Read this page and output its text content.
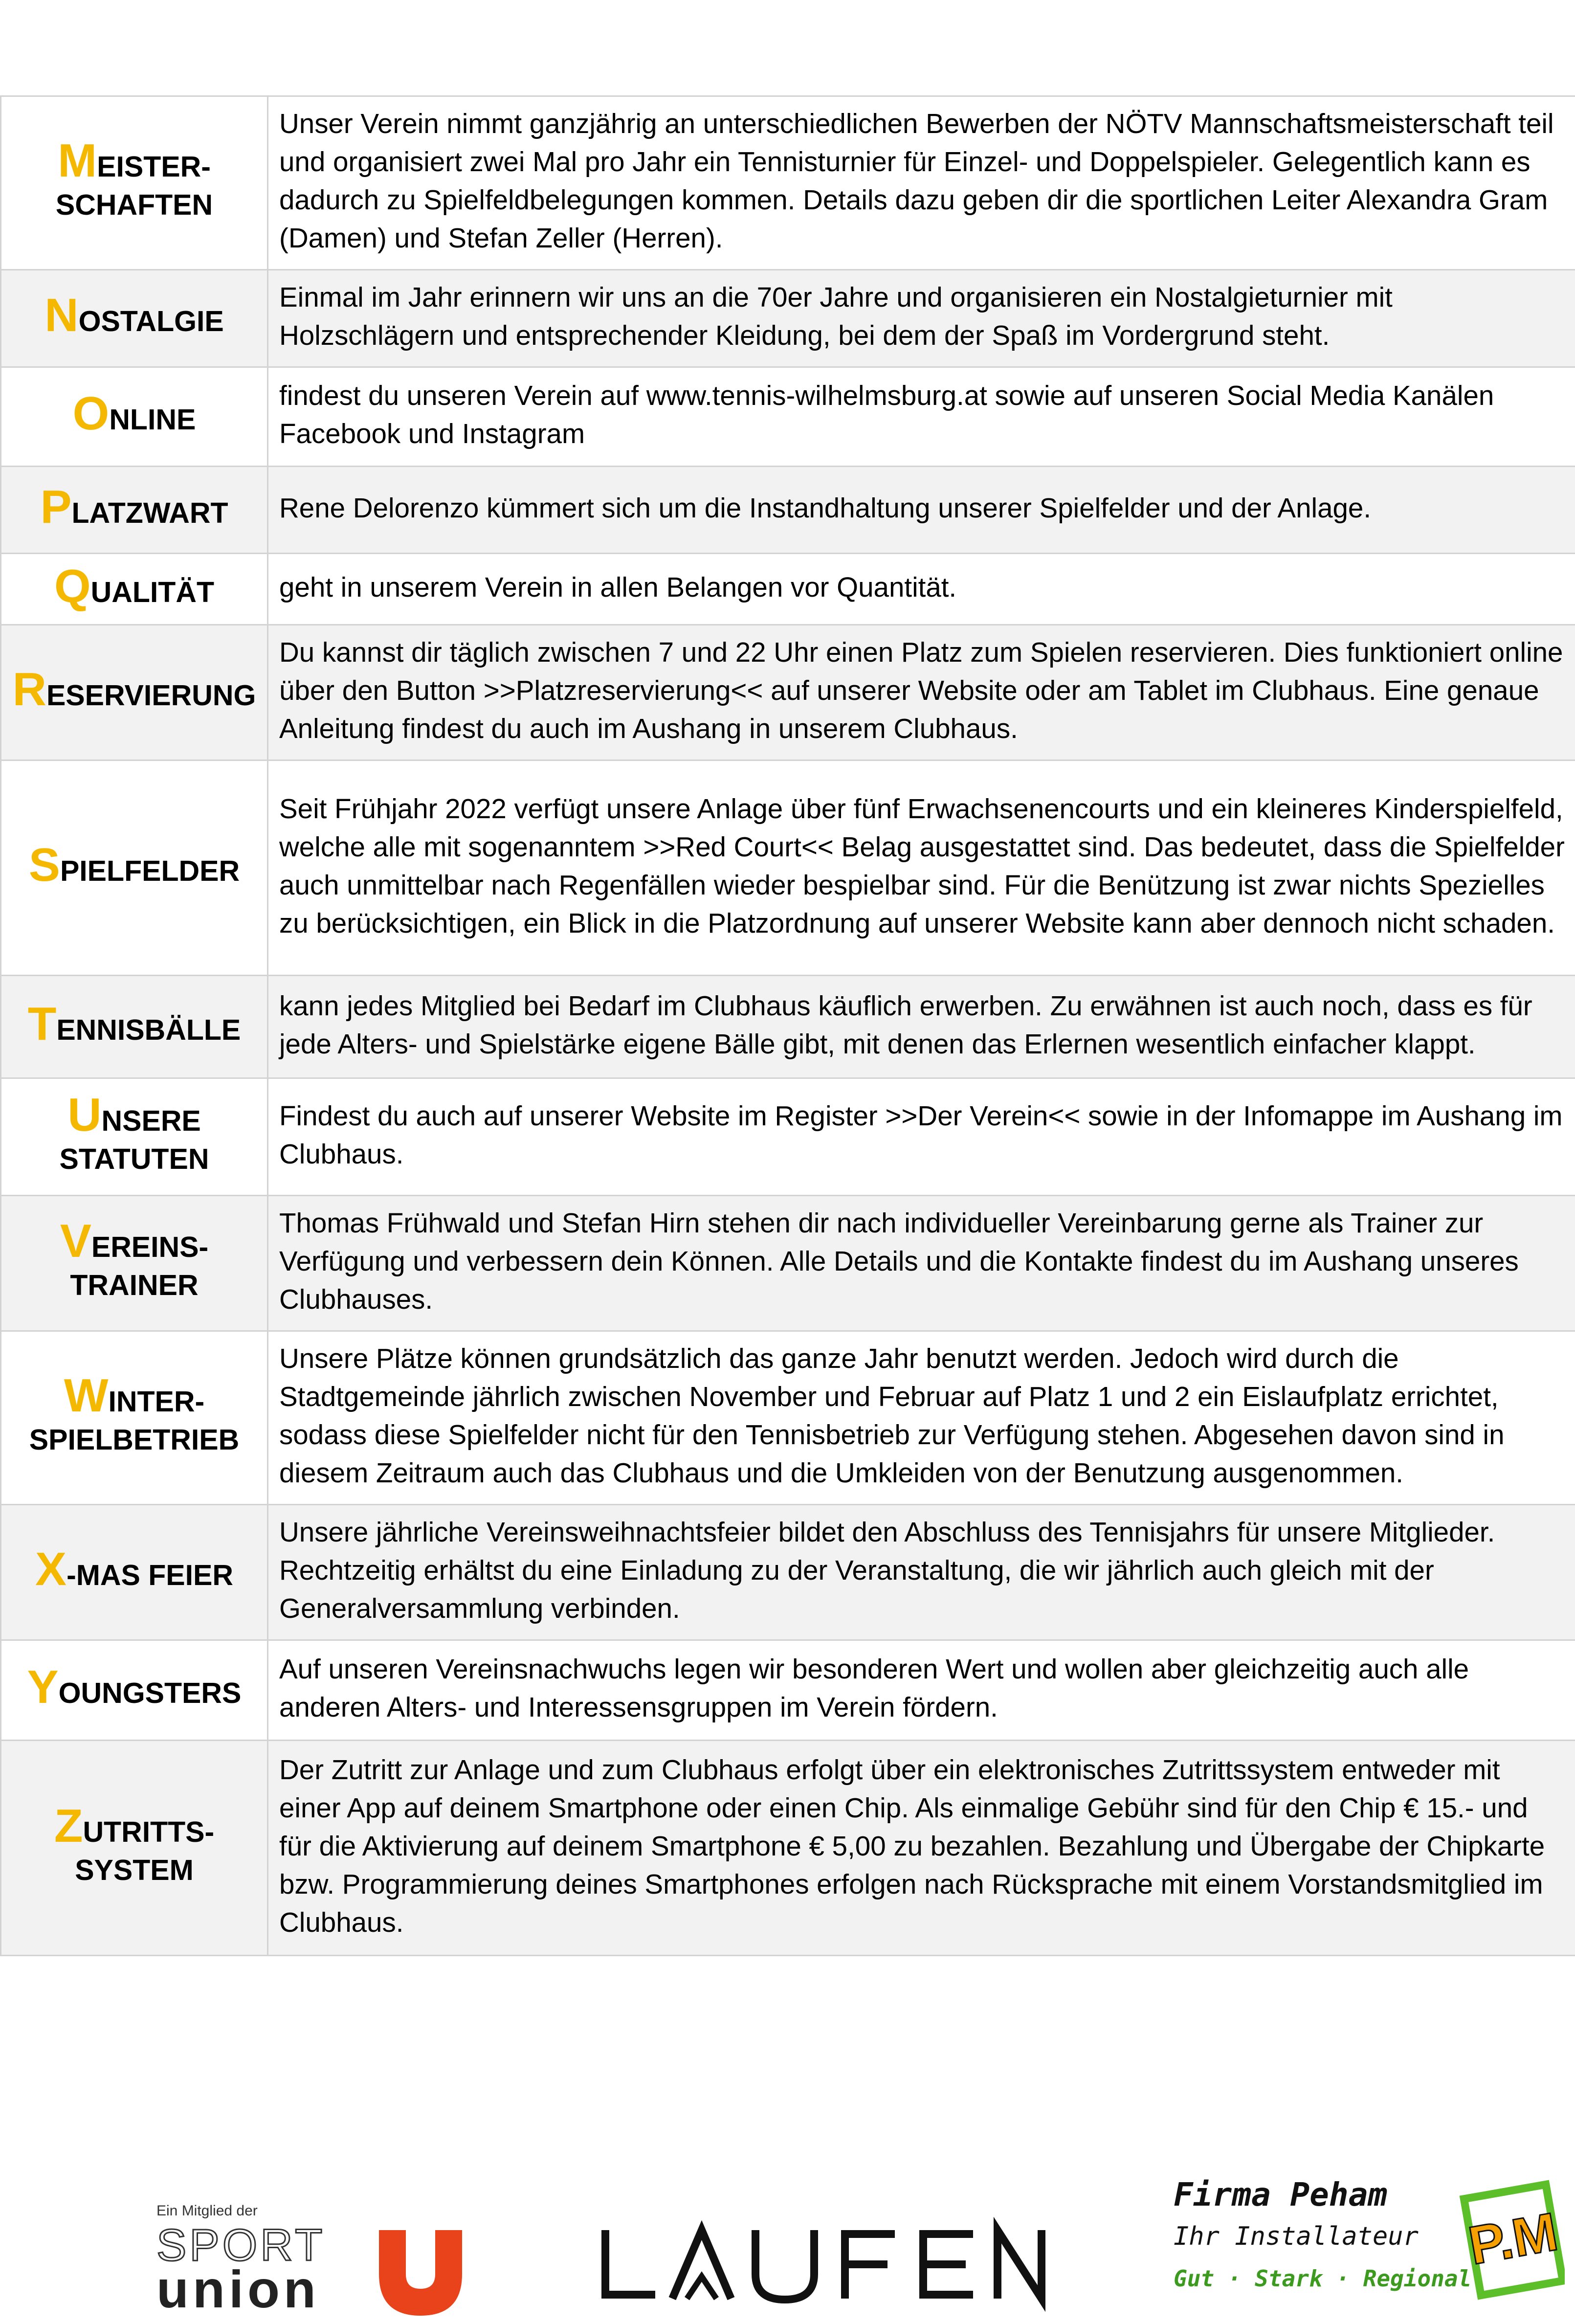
MEISTER-
SCHAFTEN	Unser Verein nimmt ganzjährig an unterschiedlichen Bewerben der NÖTV Mannschaftsmeisterschaft teil und organisiert zwei Mal pro Jahr ein Tennisturnier für Einzel- und Doppelspieler. Gelegentlich kann es dadurch zu Spielfeldbelegungen kommen. Details dazu geben dir die sportlichen Leiter Alexandra Gram (Damen) und Stefan Zeller (Herren).
NOSTALGIE	Einmal im Jahr erinnern wir uns an die 70er Jahre und organisieren ein Nostalgieturnier mit Holzschlägern und entsprechender Kleidung, bei dem der Spaß im Vordergrund steht.
ONLINE	findest du unseren Verein auf www.tennis-wilhelmsburg.at sowie auf unseren Social Media Kanälen Facebook und Instagram
PLATZWART	Rene Delorenzo kümmert sich um die Instandhaltung unserer Spielfelder und der Anlage.
QUALITÄT	geht in unserem Verein in allen Belangen vor Quantität.
RESERVIERUNG	Du kannst dir täglich zwischen 7 und 22 Uhr einen Platz zum Spielen reservieren. Dies funktioniert online über den Button >>Platzreservierung<< auf unserer Website oder am Tablet im Clubhaus. Eine genaue Anleitung findest du auch im Aushang in unserem Clubhaus.
SPIELFELDER	Seit Frühjahr 2022 verfügt unsere Anlage über fünf Erwachsenencourts und ein kleineres Kinderspielfeld, welche alle mit sogenanntem >>Red Court<< Belag ausgestattet sind. Das bedeutet, dass die Spielfelder auch unmittelbar nach Regenfällen wieder bespielbar sind. Für die Benützung ist zwar nichts Spezielles zu berücksichtigen, ein Blick in die Platzordnung auf unserer Website kann aber dennoch nicht schaden.
TENNISBÄLLE	kann jedes Mitglied bei Bedarf im Clubhaus käuflich erwerben. Zu erwähnen ist auch noch, dass es für jede Alters- und Spielstärke eigene Bälle gibt, mit denen das Erlernen wesentlich einfacher klappt.
UNSERE
STATUTEN	Findest du auch auf unserer Website im Register >>Der Verein<< sowie in der Infomappe im Aushang im Clubhaus.
VEREINS-
TRAINER	Thomas Frühwald und Stefan Hirn stehen dir nach individueller Vereinbarung gerne als Trainer zur Verfügung und verbessern dein Können. Alle Details und die Kontakte findest du im Aushang unseres Clubhauses.
WINTER-
SPIELBETRIEB	Unsere Plätze können grundsätzlich das ganze Jahr benutzt werden. Jedoch wird durch die Stadtgemeinde jährlich zwischen November und Februar auf Platz 1 und 2 ein Eislaufplatz errichtet, sodass diese Spielfelder nicht für den Tennisbetrieb zur Verfügung stehen. Abgesehen davon sind in diesem Zeitraum auch das Clubhaus und die Umkleiden von der Benutzung ausgenommen.
X-MAS FEIER	Unsere jährliche Vereinsweihnachtsfeier bildet den Abschluss des Tennisjahrs für unsere Mitglieder. Rechtzeitig erhältst du eine Einladung zu der Veranstaltung, die wir jährlich auch gleich mit der Generalversammlung verbinden.
YOUNGSTERS	Auf unseren Vereinsnachwuchs legen wir besonderen Wert und wollen aber gleichzeitig auch alle anderen Alters- und Interessensgruppen im Verein fördern.
ZUTRITTS-
SYSTEM	Der Zutritt zur Anlage und zum Clubhaus erfolgt über ein elektronisches Zutrittssystem entweder mit einer App auf deinem Smartphone oder einen Chip. Als einmalige Gebühr sind für den Chip € 15.- und für die Aktivierung auf deinem Smartphone € 5,00 zu bezahlen. Bezahlung und Übergabe der Chipkarte bzw. Programmierung deines Smartphones erfolgen nach Rücksprache mit einem Vorstandsmitglied im Clubhaus.
Ein Mitglied der
SPORT
union
Firma Peham
Ihr Installateur
Gut · Stark · Regional
P.M
